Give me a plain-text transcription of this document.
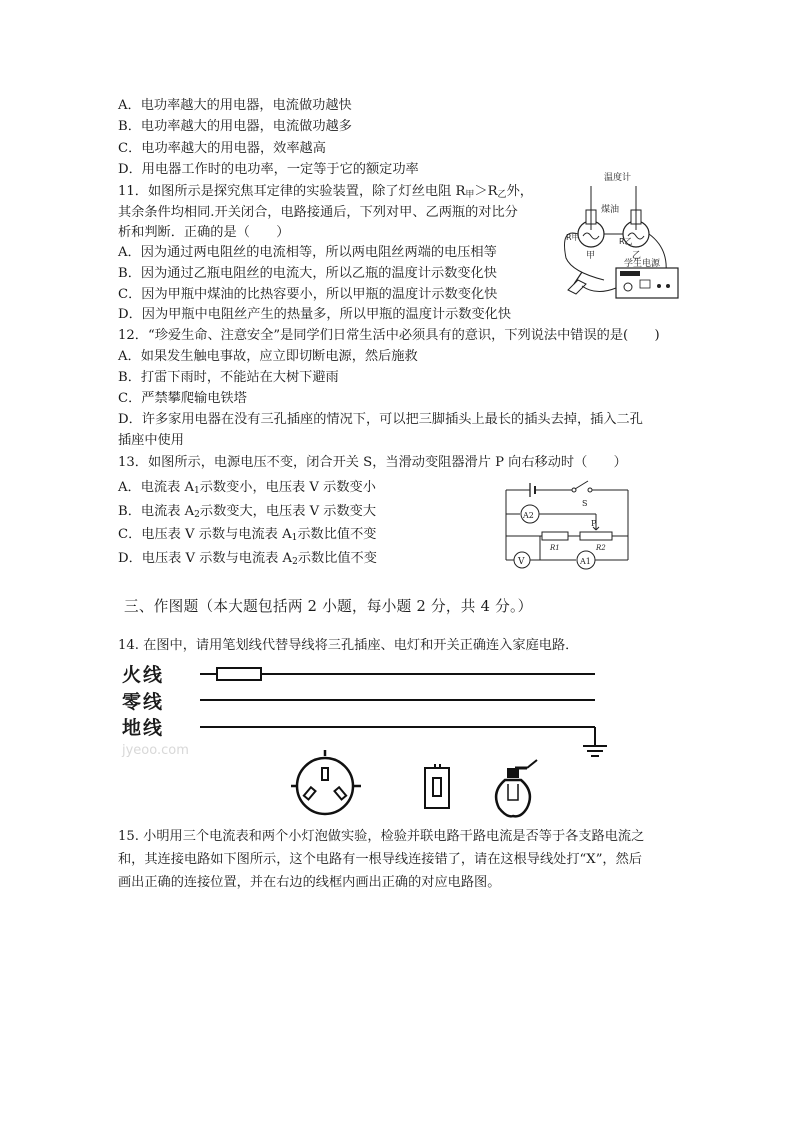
A．电功率越大的用电器，电流做功越快
B．电功率越大的用电器，电流做功越多
C．电功率越大的用电器，效率越高
D．用电器工作时的电功率，一定等于它的额定功率
11．如图所示是探究焦耳定律的实验装置，除了灯丝电阻 $R_甲>R_乙$外，
其余条件均相同.开关闭合，电路接通后，下列对甲、乙两瓶的对比分
析和判断．正确的是（　　）
A．因为通过两电阻丝的电流相等，所以两电阻丝两端的电压相等
B．因为通过乙瓶电阻丝的电流大，所以乙瓶的温度计示数变化快
C．因为甲瓶中煤油的比热容要小，所以甲瓶的温度计示数变化快
D．因为甲瓶中电阻丝产生的热量多，所以甲瓶的温度计示数变化快
温度计
煤油
R甲
甲
R乙
乙
学生电源
12．“珍爱生命、注意安全”是同学们日常生活中必须具有的意识，下列说法中错误的是(　　)
A．如果发生触电事故，应立即切断电源，然后施救
B．打雷下雨时，不能站在大树下避雨
C．严禁攀爬输电铁塔
D．许多家用电器在没有三孔插座的情况下，可以把三脚插头上最长的插头去掉，插入二孔
插座中使用
13．如图所示，电源电压不变，闭合开关 S，当滑动变阻器滑片 P 向右移动时（　　）
A．电流表 $A_1$示数变小，电压表 V 示数变小
B．电流表 $A_2$示数变大，电压表 V 示数变大
C．电压表 V 示数与电流表 $A_1$示数比值不变
D．电压表 V 示数与电流表 $A_2$示数比值不变
S
A2
P
R1	R2
V	A1
三、作图题（本大题包括两 2 小题，每小题 2 分，共 4 分。）
14. 在图中，请用笔划线代替导线将三孔插座、电灯和开关正确连入家庭电路．
火线
零线
地线
jyeoo.com
15. 小明用三个电流表和两个小灯泡做实验，检验并联电路干路电流是否等于各支路电流之
和，其连接电路如下图所示，这个电路有一根导线连接错了，请在这根导线处打“X”，然后
画出正确的连接位置，并在右边的线框内画出正确的对应电路图。
